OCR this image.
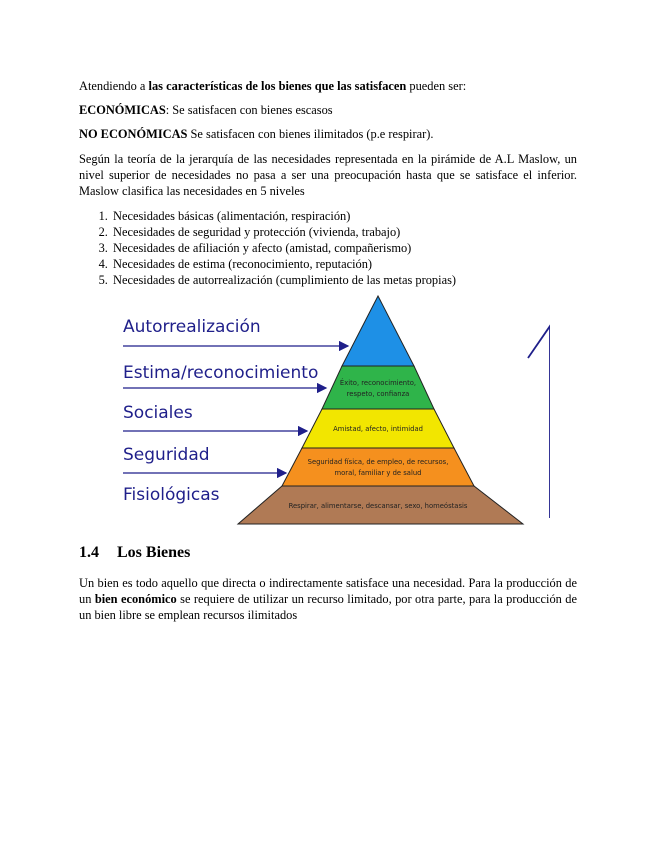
Atendiendo a las características de los bienes que las satisfacen pueden ser:

ECONÓMICAS: Se satisfacen con bienes escasos

NO ECONÓMICAS Se satisfacen con bienes ilimitados (p.e respirar).

Según la teoría de la jerarquía de las necesidades representada en la pirámide de A.L Maslow, un nivel superior de necesidades no pasa a ser una preocupación hasta que se satisface el inferior. Maslow clasifica las necesidades en 5 niveles

1. Necesidades básicas (alimentación, respiración)
2. Necesidades de seguridad y protección (vivienda, trabajo)
3. Necesidades de afiliación y afecto (amistad, compañerismo)
4. Necesidades de estima (reconocimiento, reputación)
5. Necesidades de autorrealización (cumplimiento de las metas propias)
Éxito, reconocimiento,
respeto, confianza
Amistad, afecto, intimidad
Seguridad física, de empleo, de recursos,
moral, familiar y de salud
Respirar, alimentarse, descansar, sexo, homeóstasis
Autorrealización
Estima/reconocimiento
Sociales
Seguridad
Fisiológicas
1.4 Los Bienes

Un bien es todo aquello que directa o indirectamente satisface una necesidad. Para la producción de un bien económico se requiere de utilizar un recurso limitado, por otra parte, para la producción de un bien libre se emplean recursos ilimitados
